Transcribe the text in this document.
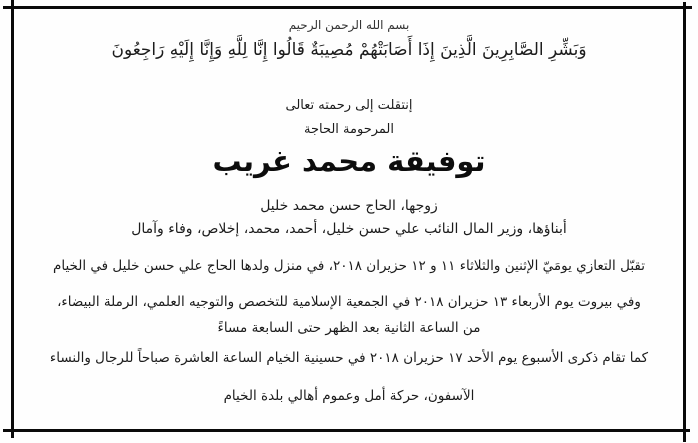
بسم الله الرحمن الرحيم
وَبَشِّرِ الصَّابِرِينَ الَّذِينَ إِذَا أَصَابَتْهُمْ مُصِيبَةٌ قَالُوا إِنَّا لِلَّهِ وَإِنَّا إِلَيْهِ رَاجِعُونَ
إنتقلت إلى رحمته تعالى
المرحومة الحاجة
توفيقة محمد غريب
زوجها، الحاج حسن محمد خليل
أبناؤها، وزير المال النائب علي حسن خليل، أحمد، محمد، إخلاص، وفاء وآمال
تقبّل التعازي يومَيّ الإثنين والثلاثاء ١١ و ١٢ حزيران ٢٠١٨، في منزل ولدها الحاج علي حسن خليل في الخيام
وفي بيروت يوم الأربعاء ١٣ حزيران ٢٠١٨ في الجمعية الإسلامية للتخصص والتوجيه العلمي، الرملة البيضاء،
من الساعة الثانية بعد الظهر حتى السابعة مساءً
كما تقام ذكرى الأسبوع يوم الأحد ١٧ حزيران ٢٠١٨ في حسينية الخيام الساعة العاشرة صباحاً للرجال والنساء
الآسفون، حركة أمل وعموم أهالي بلدة الخيام
